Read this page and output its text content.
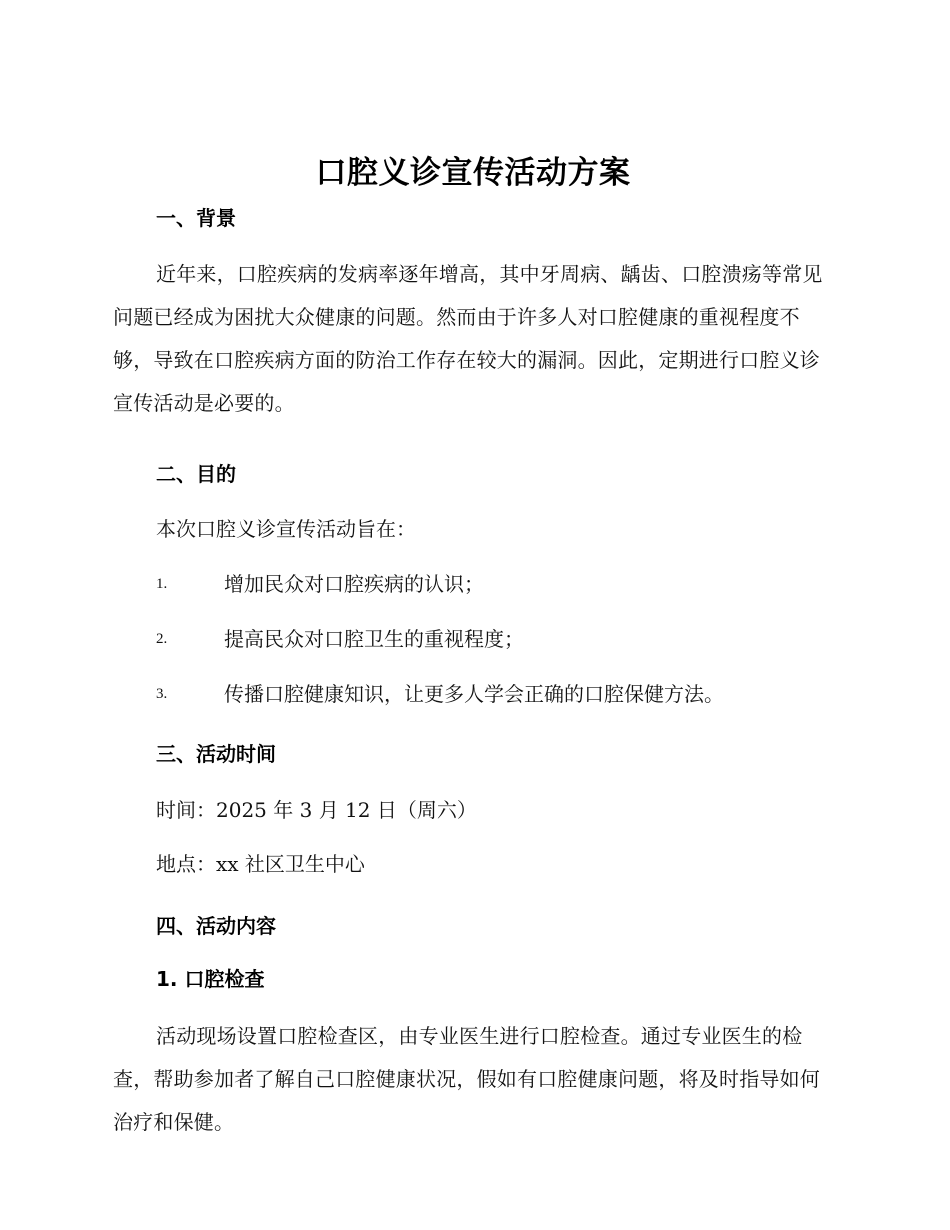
口腔义诊宣传活动方案
一、背景

近年来，口腔疾病的发病率逐年增高，其中牙周病、龋齿、口腔溃疡等常见问题已经成为困扰大众健康的问题。然而由于许多人对口腔健康的重视程度不够，导致在口腔疾病方面的防治工作存在较大的漏洞。因此，定期进行口腔义诊宣传活动是必要的。

二、目的

本次口腔义诊宣传活动旨在：

1.	增加民众对口腔疾病的认识；
2.	提高民众对口腔卫生的重视程度；
3.	传播口腔健康知识，让更多人学会正确的口腔保健方法。
三、活动时间

时间：2025 年 3 月 12 日（周六）

地点：xx 社区卫生中心

四、活动内容
1. 口腔检查

活动现场设置口腔检查区，由专业医生进行口腔检查。通过专业医生的检查，帮助参加者了解自己口腔健康状况，假如有口腔健康问题，将及时指导如何治疗和保健。
